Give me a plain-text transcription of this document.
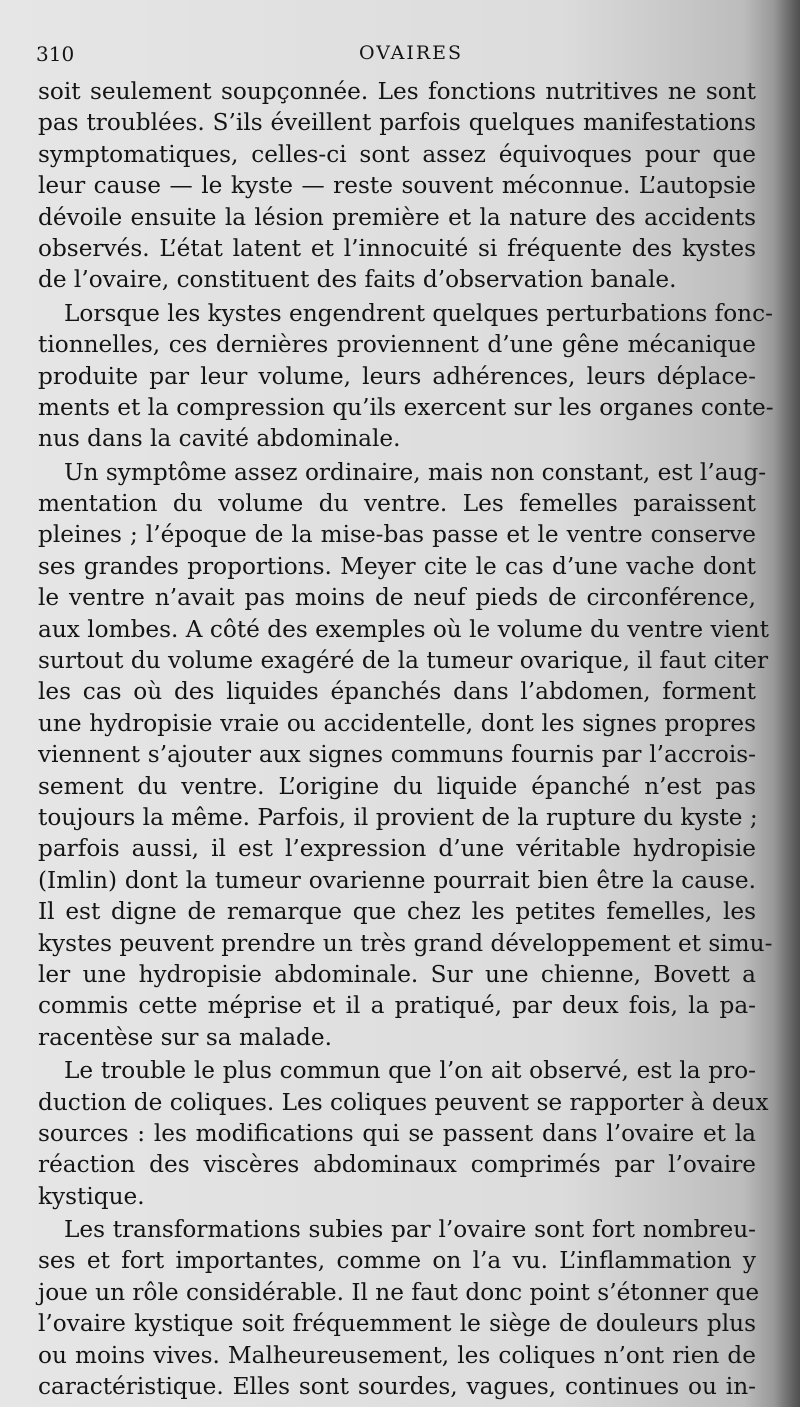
310	OVAIRES
soit seulement soupçonnée. Les fonctions nutritives ne sont
pas troublées. S’ils éveillent parfois quelques manifestations
symptomatiques, celles-ci sont assez équivoques pour que
leur cause — le kyste — reste souvent méconnue. L’autopsie
dévoile ensuite la lésion première et la nature des accidents
observés. L’état latent et l’innocuité si fréquente des kystes
de l’ovaire, constituent des faits d’observation banale.
Lorsque les kystes engendrent quelques perturbations fonc-
tionnelles, ces dernières proviennent d’une gêne mécanique
produite par leur volume, leurs adhérences, leurs déplace-
ments et la compression qu’ils exercent sur les organes conte-
nus dans la cavité abdominale.
Un symptôme assez ordinaire, mais non constant, est l’aug-
mentation du volume du ventre. Les femelles paraissent
pleines ; l’époque de la mise-bas passe et le ventre conserve
ses grandes proportions. Meyer cite le cas d’une vache dont
le ventre n’avait pas moins de neuf pieds de circonférence,
aux lombes. A côté des exemples où le volume du ventre vient
surtout du volume exagéré de la tumeur ovarique, il faut citer
les cas où des liquides épanchés dans l’abdomen, forment
une hydropisie vraie ou accidentelle, dont les signes propres
viennent s’ajouter aux signes communs fournis par l’accrois-
sement du ventre. L’origine du liquide épanché n’est pas
toujours la même. Parfois, il provient de la rupture du kyste ;
parfois aussi, il est l’expression d’une véritable hydropisie
(Imlin) dont la tumeur ovarienne pourrait bien être la cause.
Il est digne de remarque que chez les petites femelles, les
kystes peuvent prendre un très grand développement et simu-
ler une hydropisie abdominale. Sur une chienne, Bovett a
commis cette méprise et il a pratiqué, par deux fois, la pa-
racentèse sur sa malade.
Le trouble le plus commun que l’on ait observé, est la pro-
duction de coliques. Les coliques peuvent se rapporter à deux
sources : les modifications qui se passent dans l’ovaire et la
réaction des viscères abdominaux comprimés par l’ovaire
kystique.
Les transformations subies par l’ovaire sont fort nombreu-
ses et fort importantes, comme on l’a vu. L’inflammation y
joue un rôle considérable. Il ne faut donc point s’étonner que
l’ovaire kystique soit fréquemment le siège de douleurs plus
ou moins vives. Malheureusement, les coliques n’ont rien de
caractéristique. Elles sont sourdes, vagues, continues ou in-
